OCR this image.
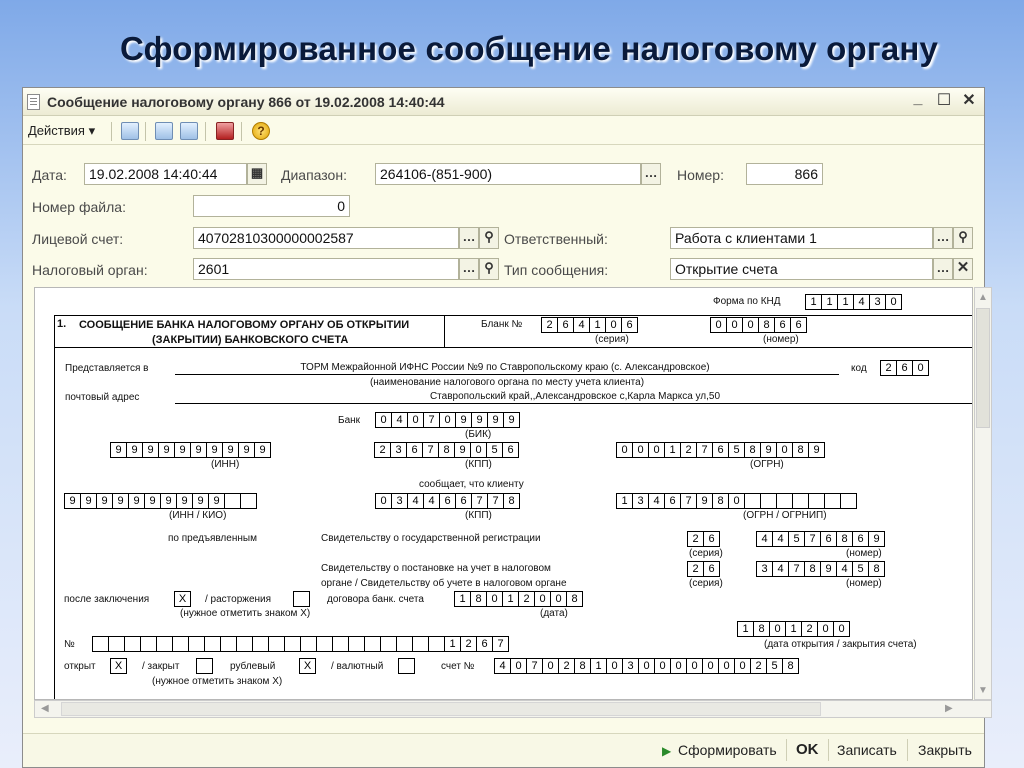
Сформированное сообщение налоговому органу
Сообщение налоговому органу 866 от 19.02.2008 14:40:44	_ ☐ ✕
Действия ▾	?
Дата:	19.02.2008 14:40:44	▦ Диапазон:	264106-(851-900)	… Номер:	866
Номер файла:	0
Лицевой счет:	40702810300000002587	… ⚲ Ответственный:	Работа с клиентами 1	… ⚲
Налоговый орган:	2601	… ⚲ Тип сообщения:	Открытие счета	… ✕
Форма по КНД	1 1 1 4 3 0
1. СООБЩЕНИЕ БАНКА НАЛОГОВОМУ ОРГАНУ ОБ ОТКРЫТИИ
(ЗАКРЫТИИ) БАНКОВСКОГО СЧЕТА
Бланк №	2 6 4 1 0 6	0 0 0 8 6 6
(серия)	(номер)
Представляется в	ТОРМ Межрайонной ИФНС России №9 по Ставропольскому краю (с. Александровское)	код	2 6 0
(наименование налогового органа по месту учета клиента)
почтовый адрес	Ставропольский край,,Александровское с,Карла Маркса ул,50
Банк	0 4 0 7 0 9 9 9 9
(БИК)
9 9 9 9 9 9 9 9 9 9
(ИНН)
2 3 6 7 8 9 0 5 6
(КПП)
0 0 0 1 2 7 6 5 8 9 0 8 9
(ОГРН)
сообщает, что клиенту
9 9 9 9 9 9 9 9 9 9
(ИНН / КИО)
0 3 4 4 6 6 7 7 8
(КПП)
1 3 4 6 7 9 8 0
(ОГРН / ОГРНИП)
по предъявленным	Свидетельству о государственной регистрации	2 6	4 4 5 7 6 8 6 9
(серия)	(номер)
Свидетельству о постановке на учет в налоговом
органе / Свидетельству об учете в налоговом органе
2 6	3 4 7 8 9 4 5 8
(серия)	(номер)
после заключения	X	/ расторжения	договора банк. счета	1 8 0 1 2 0 0 8
(нужное отметить знаком X)	(дата)
1 8 0 1 2 0 0
№	1 2 6 7	(дата открытия / закрытия счета)
открыт	X	/ закрыт	рублевый	X	/ валютный	счет №	4 0 7 0 2 8 1 0 3 0 0 0 0 0 0 0 2 5 8
(нужное отметить знаком X)
▲
▼
◀	▶
▶ Сформировать OK Записать Закрыть
